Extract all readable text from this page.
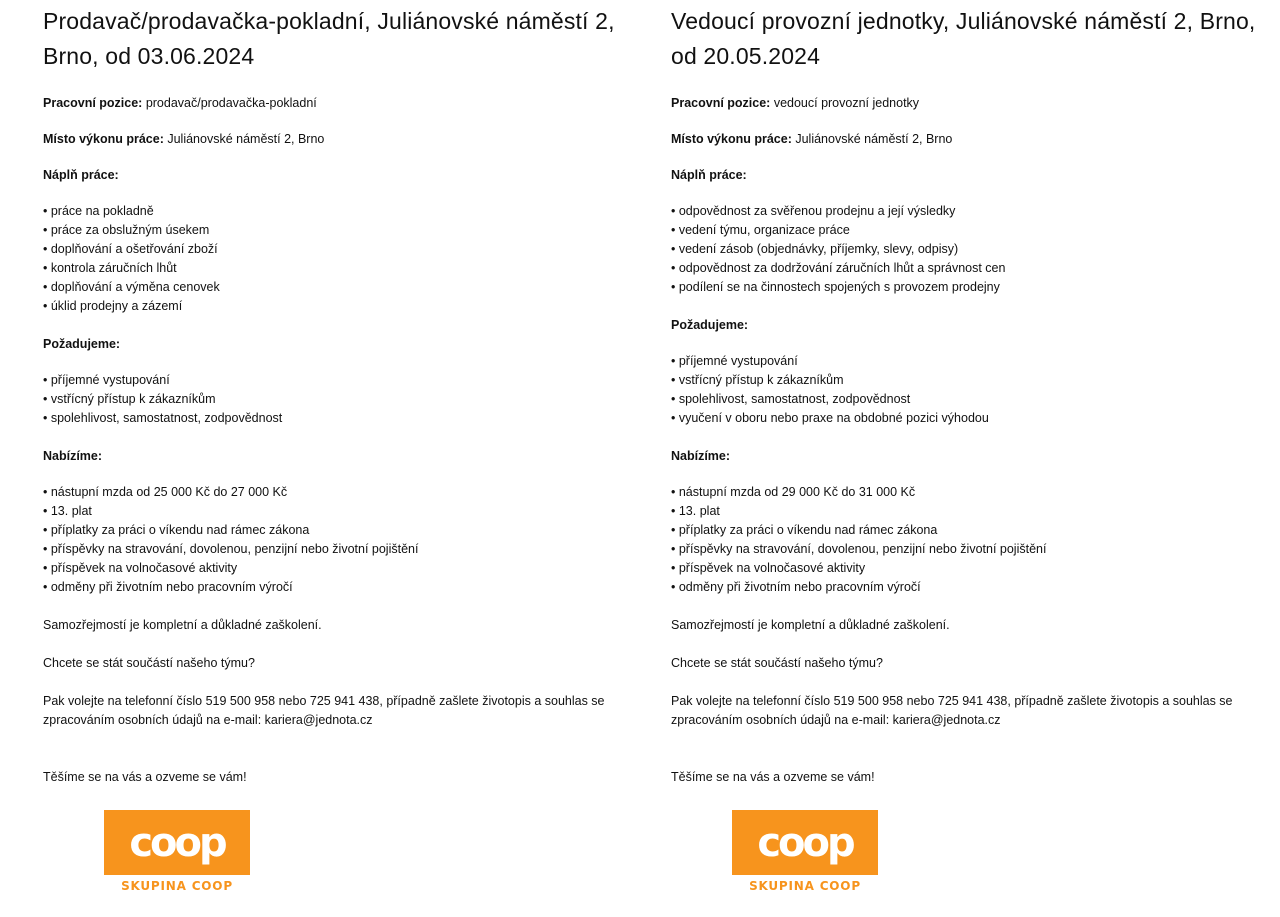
Prodavač/prodavačka-pokladní, Juliánovské náměstí 2, Brno, od 03.06.2024
Pracovní pozice: prodavač/prodavačka-pokladní
Místo výkonu práce: Juliánovské náměstí 2, Brno
Náplň práce:
• práce na pokladně
• práce za obslužným úsekem
• doplňování a ošetřování zboží
• kontrola záručních lhůt
• doplňování a výměna cenovek
• úklid prodejny a zázemí
Požadujeme:
• příjemné vystupování
• vstřícný přístup k zákazníkům
• spolehlivost, samostatnost, zodpovědnost
Nabízíme:
• nástupní mzda od 25 000 Kč do 27 000 Kč
• 13. plat
• příplatky za práci o víkendu nad rámec zákona
• příspěvky na stravování, dovolenou, penzijní nebo životní pojištění
• příspěvek na volnočasové aktivity
• odměny při životním nebo pracovním výročí
Samozřejmostí je kompletní a důkladné zaškolení.
Chcete se stát součástí našeho týmu?
Pak volejte na telefonní číslo 519 500 958 nebo 725 941 438, případně zašlete životopis a souhlas se zpracováním osobních údajů na e-mail: kariera@jednota.cz
Těšíme se na vás a ozveme se vám!
coop
SKUPINA COOP
Vedoucí provozní jednotky, Juliánovské náměstí 2, Brno, od 20.05.2024
Pracovní pozice: vedoucí provozní jednotky
Místo výkonu práce: Juliánovské náměstí 2, Brno
Náplň práce:
• odpovědnost za svěřenou prodejnu a její výsledky
• vedení týmu, organizace práce
• vedení zásob (objednávky, příjemky, slevy, odpisy)
• odpovědnost za dodržování záručních lhůt a správnost cen
• podílení se na činnostech spojených s provozem prodejny
Požadujeme:
• příjemné vystupování
• vstřícný přístup k zákazníkům
• spolehlivost, samostatnost, zodpovědnost
• vyučení v oboru nebo praxe na obdobné pozici výhodou
Nabízíme:
• nástupní mzda od 29 000 Kč do 31 000 Kč
• 13. plat
• příplatky za práci o víkendu nad rámec zákona
• příspěvky na stravování, dovolenou, penzijní nebo životní pojištění
• příspěvek na volnočasové aktivity
• odměny při životním nebo pracovním výročí
Samozřejmostí je kompletní a důkladné zaškolení.
Chcete se stát součástí našeho týmu?
Pak volejte na telefonní číslo 519 500 958 nebo 725 941 438, případně zašlete životopis a souhlas se zpracováním osobních údajů na e-mail: kariera@jednota.cz
Těšíme se na vás a ozveme se vám!
coop
SKUPINA COOP
